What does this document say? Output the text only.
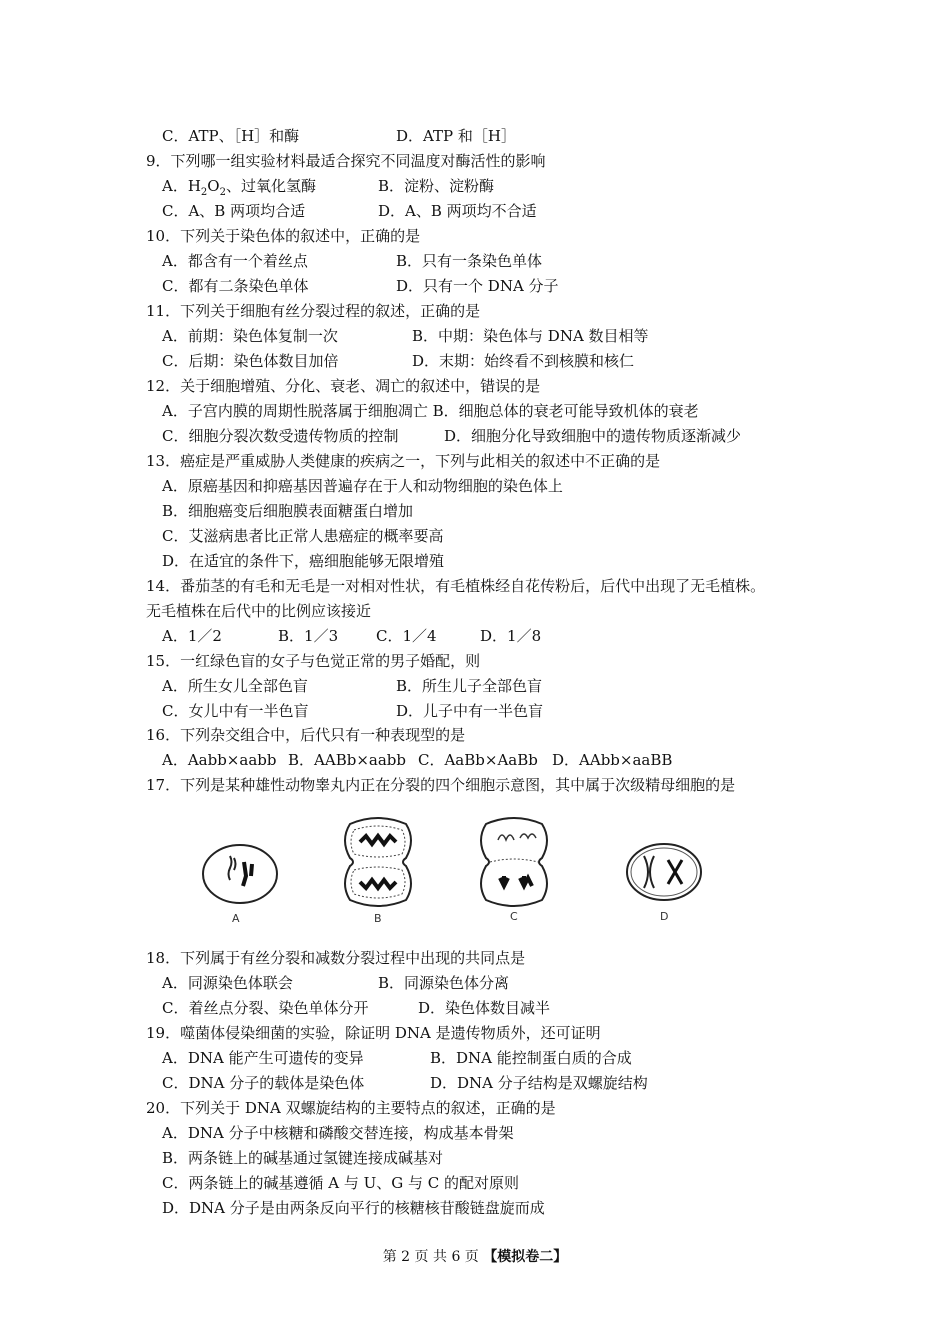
C．ATP、［H］和酶	D．ATP 和［H］
9．下列哪一组实验材料最适合探究不同温度对酶活性的影响
A．$H_2O_2$、过氧化氢酶	B．淀粉、淀粉酶
C．A、B 两项均合适	D．A、B 两项均不合适
10．下列关于染色体的叙述中，正确的是
A．都含有一个着丝点	B．只有一条染色单体
C．都有二条染色单体	D．只有一个 DNA 分子
11．下列关于细胞有丝分裂过程的叙述，正确的是
A．前期：染色体复制一次	B．中期：染色体与 DNA 数目相等
C．后期：染色体数目加倍	D．末期：始终看不到核膜和核仁
12．关于细胞增殖、分化、衰老、凋亡的叙述中，错误的是
A．子宫内膜的周期性脱落属于细胞凋亡 B．细胞总体的衰老可能导致机体的衰老
C．细胞分裂次数受遗传物质的控制	D．细胞分化导致细胞中的遗传物质逐渐减少
13．癌症是严重威胁人类健康的疾病之一，下列与此相关的叙述中不正确的是
A．原癌基因和抑癌基因普遍存在于人和动物细胞的染色体上
B．细胞癌变后细胞膜表面糖蛋白增加
C．艾滋病患者比正常人患癌症的概率要高
D．在适宜的条件下，癌细胞能够无限增殖
14．番茄茎的有毛和无毛是一对相对性状，有毛植株经自花传粉后，后代中出现了无毛植株。
无毛植株在后代中的比例应该接近
A．1／2	B．1／3	C．1／4	D．1／8
15．一红绿色盲的女子与色觉正常的男子婚配，则
A．所生女儿全部色盲	B．所生儿子全部色盲
C．女儿中有一半色盲	D．儿子中有一半色盲
16．下列杂交组合中，后代只有一种表现型的是
A．Aabb×aabb B．AABb×aabb C．AaBb×AaBb D．AAbb×aaBB
17．下列是某种雄性动物睾丸内正在分裂的四个细胞示意图，其中属于次级精母细胞的是
A	B	C	D
18．下列属于有丝分裂和减数分裂过程中出现的共同点是
A．同源染色体联会	B．同源染色体分离
C．着丝点分裂、染色单体分开	D．染色体数目减半
19．噬菌体侵染细菌的实验，除证明 DNA 是遗传物质外，还可证明
A．DNA 能产生可遗传的变异	B．DNA 能控制蛋白质的合成
C．DNA 分子的载体是染色体	D．DNA 分子结构是双螺旋结构
20．下列关于 DNA 双螺旋结构的主要特点的叙述，正确的是
A．DNA 分子中核糖和磷酸交替连接，构成基本骨架
B．两条链上的碱基通过氢键连接成碱基对
C．两条链上的碱基遵循 A 与 U、G 与 C 的配对原则
D．DNA 分子是由两条反向平行的核糖核苷酸链盘旋而成
第 2 页 共 6 页 【模拟卷二】
